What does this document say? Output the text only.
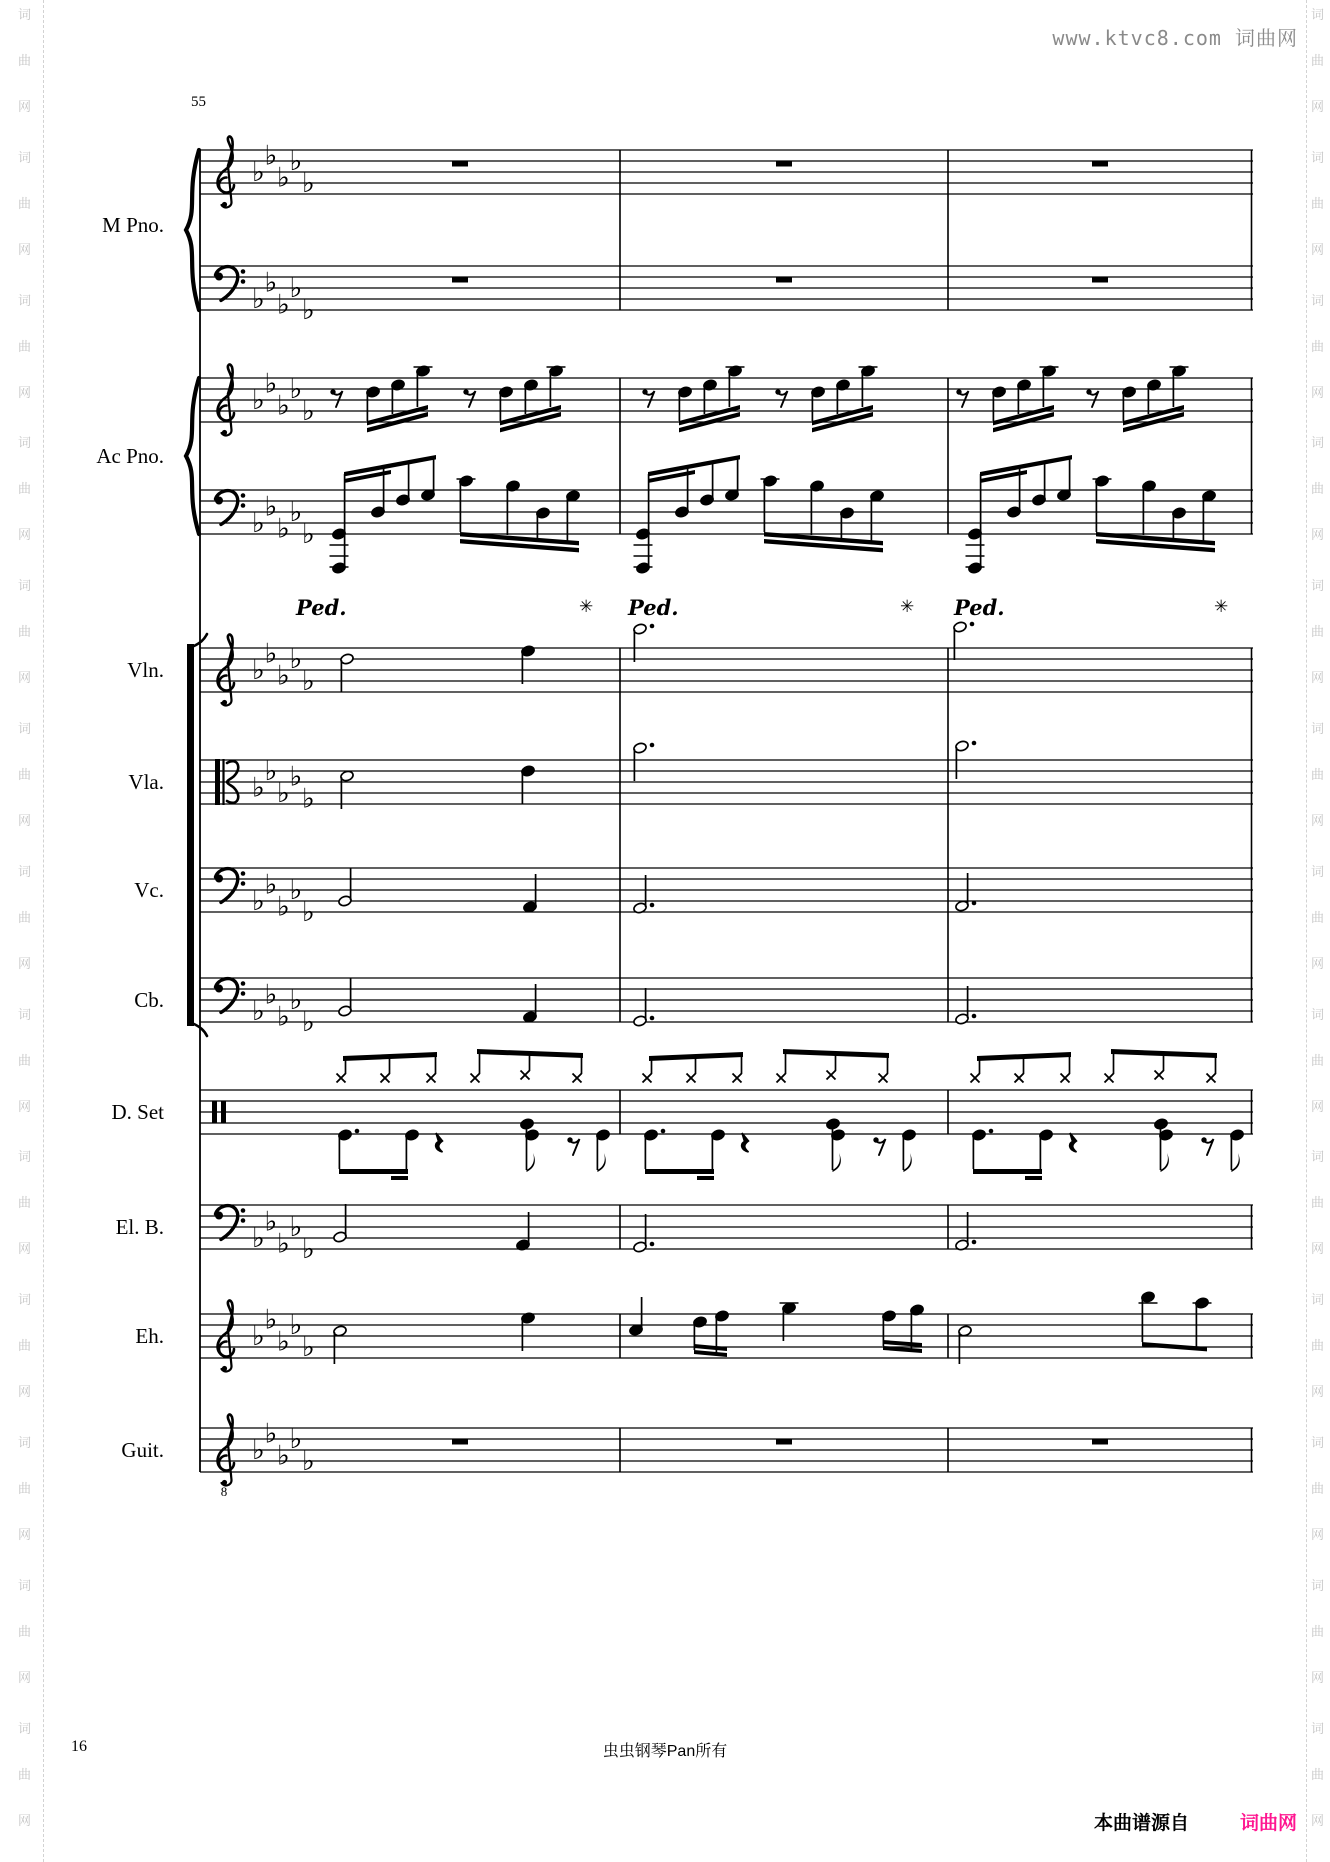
词
曲
网
词
曲
网
词
曲
网
词
曲
网
词
曲
网
词
曲
网
词
曲
网
词
曲
网
词
曲
网
词
曲
网
词
曲
网
词
曲
网
词
曲
网
词
曲
网
词
曲
网
词
曲
网
词
曲
网
词
曲
网
词
曲
网
词
曲
网
词
曲
网
词
曲
网
词
曲
网
词
曲
网
词
曲
网
词
曲
网
www.ktvc8.com 词曲网
55
♭
♭
♭
♭
♭
♭
♭
♭
♭
♭
♭
♭
♭
♭
♭
♭
♭
♭
♭
♭
♭
♭
♭
♭
♭
♭
♭
♭
♭
♭
♭
♭
♭
♭
♭
♭
♭
♭
♭
♭
♭
♭
♭
♭
♭
♭
♭
♭
♭
♭
8
♭
♭
♭
♭
♭
M Pno.
Ac Pno.
Vln.
Vla.
Vc.
Cb.
D. Set
El. B.
Eh.
Guit.
Ped.	Ped.	Ped.
✳	✳	✳
16	虫虫钢琴Pan所有
本曲谱源自	词曲网
